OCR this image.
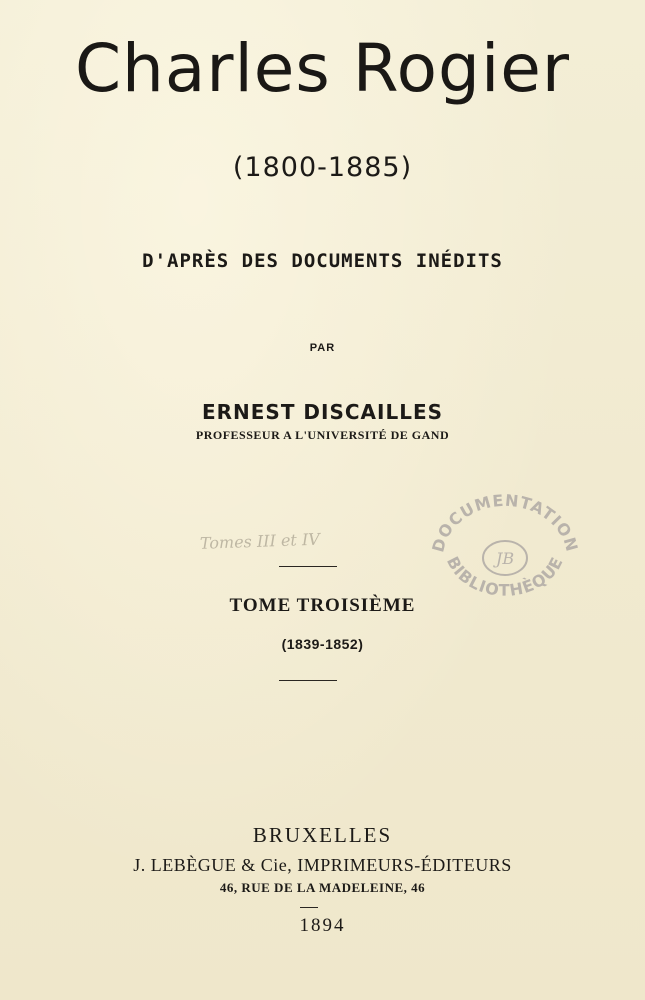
Charles Rogier
(1800-1885)
D'APRÈS DES DOCUMENTS INÉDITS
PAR
ERNEST DISCAILLES
PROFESSEUR A L'UNIVERSITÉ DE GAND
Tomes III et IV	DOCUMENTATION
BIBLIOTHÈQUE
JB
TOME TROISIÈME
(1839-1852)
BRUXELLES
J. LEBÈGUE & Cie, IMPRIMEURS-ÉDITEURS
46, RUE DE LA MADELEINE, 46
1894
